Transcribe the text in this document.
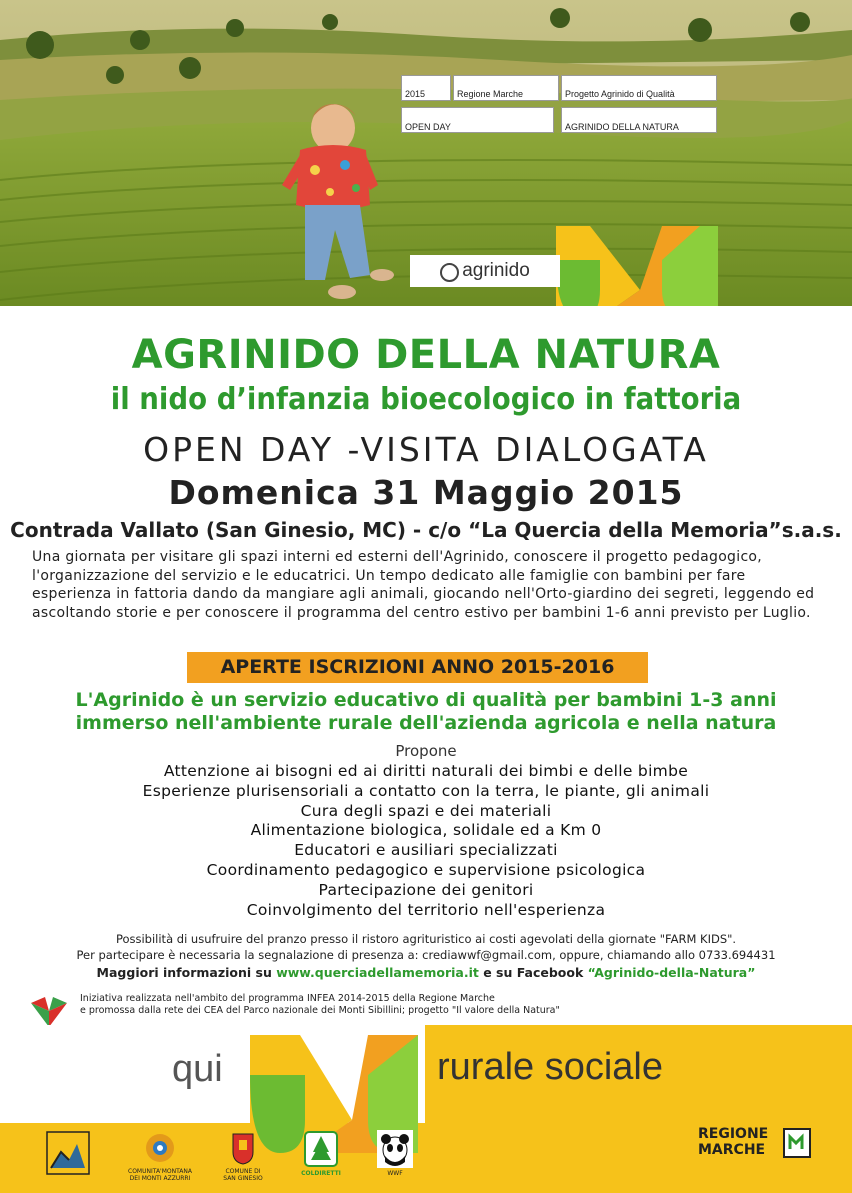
2015	Regione Marche	Progetto Agrinido di Qualità
OPEN DAY	AGRINIDO DELLA NATURA
agrinido
AGRINIDO DELLA NATURA
il nido d’infanzia bioecologico in fattoria
OPEN DAY -VISITA DIALOGATA
Domenica 31 Maggio 2015
Contrada Vallato (San Ginesio, MC) - c/o “La Quercia della Memoria”s.a.s.
Una giornata per visitare gli spazi interni ed esterni dell'Agrinido, conoscere il progetto pedagogico, l'organizzazione del servizio e le educatrici. Un tempo dedicato alle famiglie con bambini per fare esperienza in fattoria dando da mangiare agli animali, giocando nell'Orto-giardino dei segreti, leggendo ed ascoltando storie e per conoscere il programma del centro estivo per bambini 1-6 anni previsto per Luglio.
APERTE ISCRIZIONI ANNO 2015-2016
L'Agrinido è un servizio educativo di qualità per bambini 1-3 anni
immerso nell'ambiente rurale dell'azienda agricola e nella natura
Propone
Attenzione ai bisogni ed ai diritti naturali dei bimbi e delle bimbe
Esperienze plurisensoriali a contatto con la terra, le piante, gli animali
Cura degli spazi e dei materiali
Alimentazione biologica, solidale ed a Km 0
Educatori e ausiliari specializzati
Coordinamento pedagogico e supervisione psicologica
Partecipazione dei genitori
Coinvolgimento del territorio nell'esperienza
Possibilità di usufruire del pranzo presso il ristoro agrituristico ai costi agevolati della giornate "FARM KIDS".
Per partecipare è necessaria la segnalazione di presenza a: crediawwf@gmail.com, oppure, chiamando allo 0733.694431
Maggiori informazioni su www.querciadellamemoria.it e su Facebook “Agrinido-della-Natura”
Iniziativa realizzata nell'ambito del programma INFEA 2014-2015 della Regione Marche
e promossa dalla rete dei CEA del Parco nazionale dei Monti Sibillini; progetto "Il valore della Natura"
qui	rurale sociale
COMUNITA'MONTANA
DEI MONTI AZZURRI
COMUNE DI
SAN GINESIO
COLDIRETTI	WWF
REGIONE
MARCHE
